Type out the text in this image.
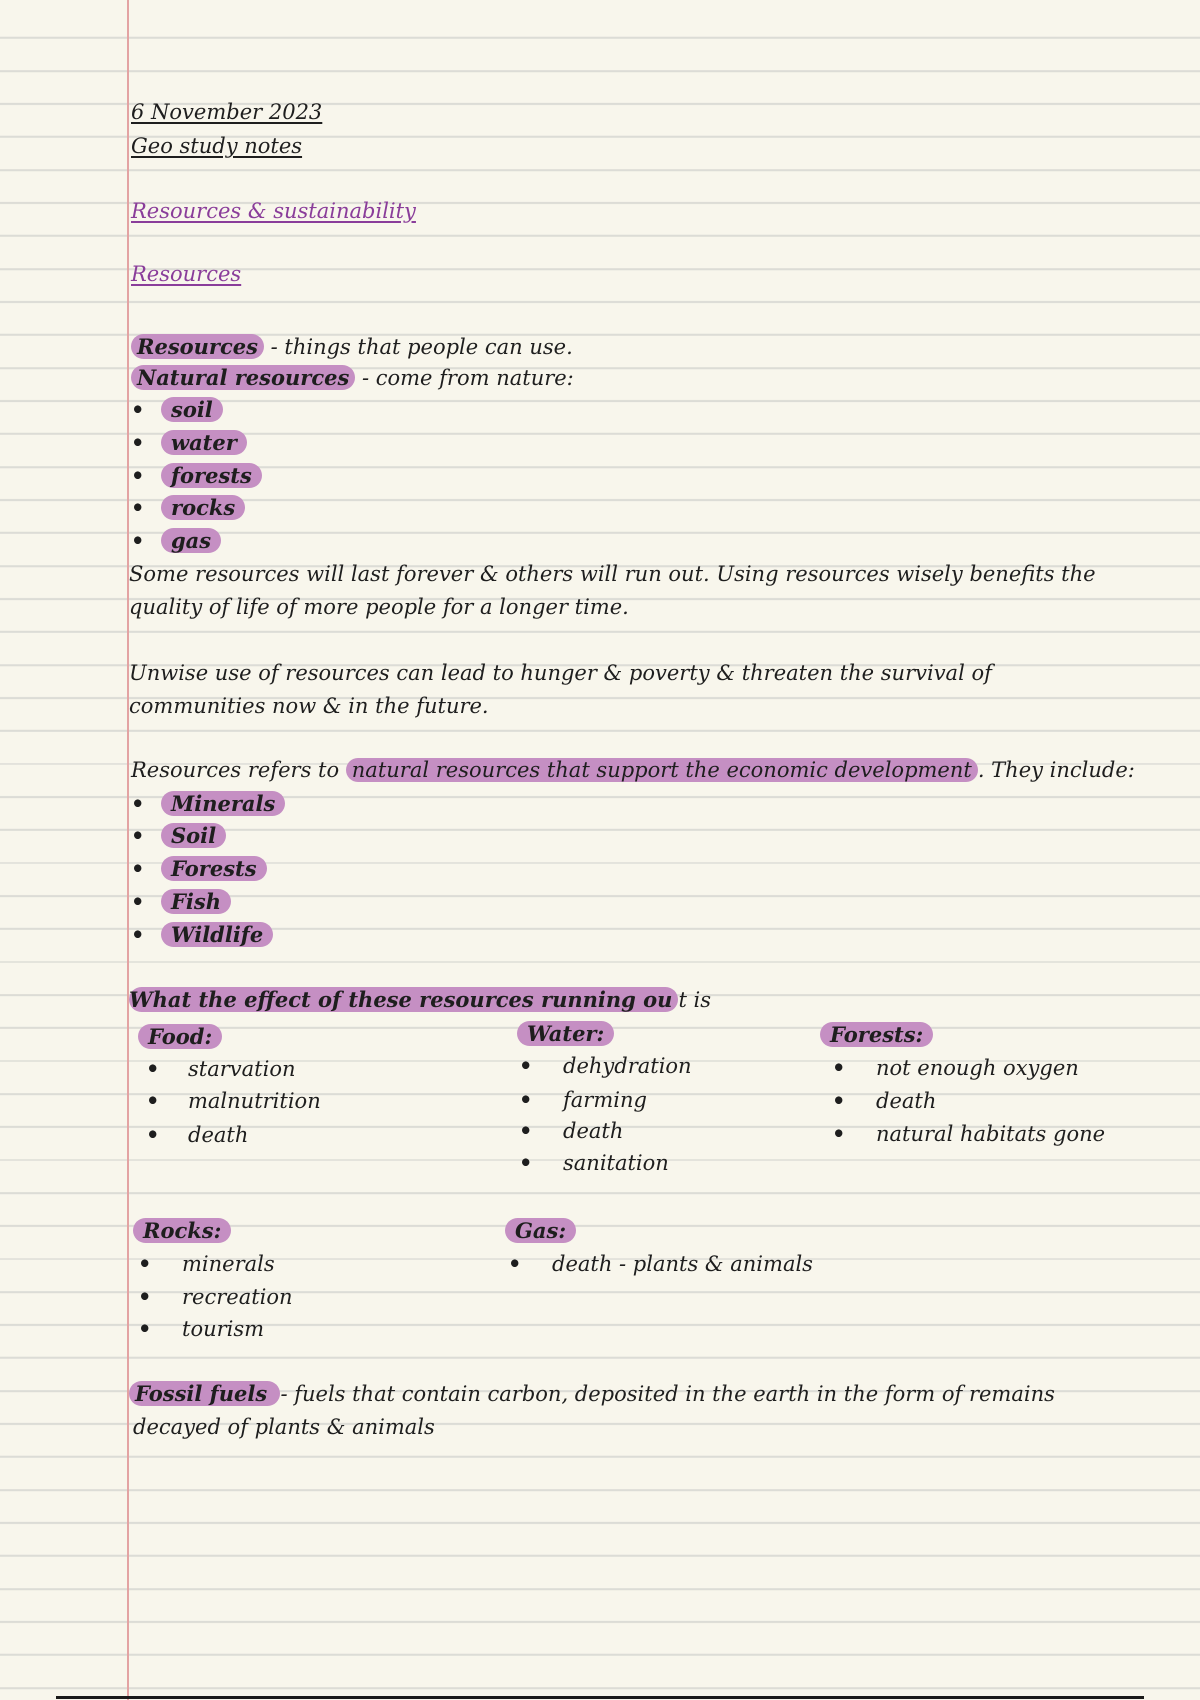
6 November 2023
Geo study notes
Resources & sustainability
Resources
Resources - things that people can use.
Natural resources - come from nature:
• soil
• water
• forests
• rocks
• gas
Some resources will last forever & others will run out. Using resources wisely benefits the
quality of life of more people for a longer time.
Unwise use of resources can lead to hunger & poverty & threaten the survival of
communities now & in the future.
Resources refers to natural resources that support the economic development . They include:
• Minerals
• Soil
• Forests
• Fish
• Wildlife
What the effect of these resources running ou t is
Food:
• starvation
• malnutrition
• death
Water:
• dehydration
• farming
• death
• sanitation
Forests:
• not enough oxygen
• death
• natural habitats gone
Rocks:
• minerals
• recreation
• tourism
Gas:
• death - plants & animals
Fossil fuels - fuels that contain carbon, deposited in the earth in the form of remains
decayed of plants & animals
